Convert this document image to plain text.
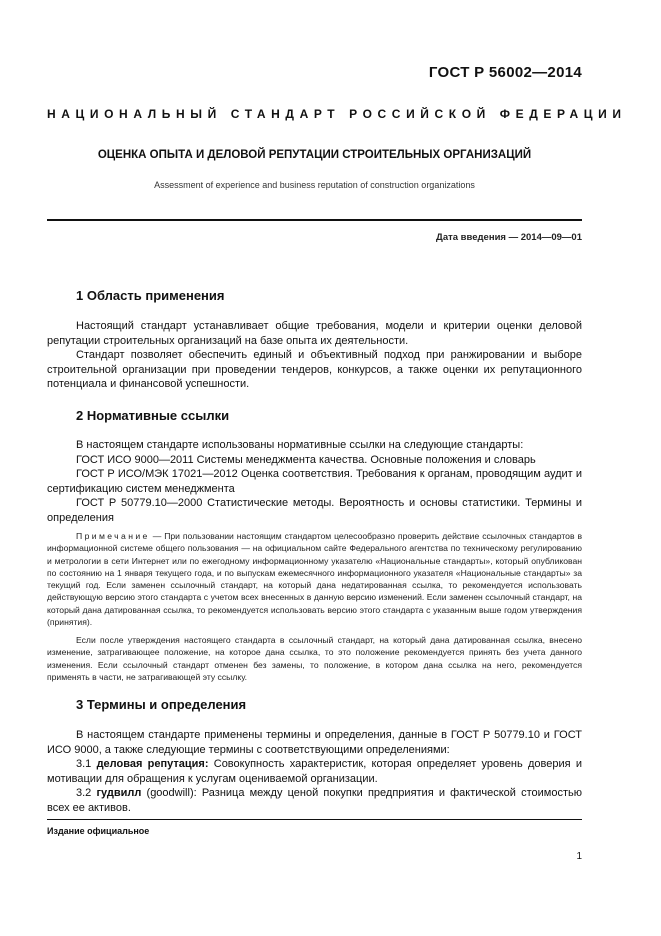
ГОСТ Р 56002—2014
НАЦИОНАЛЬНЫЙ СТАНДАРТ РОССИЙСКОЙ ФЕДЕРАЦИИ
ОЦЕНКА ОПЫТА И ДЕЛОВОЙ РЕПУТАЦИИ СТРОИТЕЛЬНЫХ ОРГАНИЗАЦИЙ
Assessment of experience and business reputation of construction organizations
Дата введения — 2014—09—01
1 Область применения
Настоящий стандарт устанавливает общие требования, модели и критерии оценки деловой репутации строительных организаций на базе опыта их деятельности.
Стандарт позволяет обеспечить единый и объективный подход при ранжировании и выборе строительной организации при проведении тендеров, конкурсов, а также оценки их репутационного потенциала и финансовой успешности.
2 Нормативные ссылки
В настоящем стандарте использованы нормативные ссылки на следующие стандарты:
ГОСТ ИСО 9000—2011 Системы менеджмента качества. Основные положения и словарь
ГОСТ Р ИСО/МЭК 17021—2012 Оценка соответствия. Требования к органам, проводящим аудит и сертификацию систем менеджмента
ГОСТ Р 50779.10—2000 Статистические методы. Вероятность и основы статистики. Термины и определения
Примечание — При пользовании настоящим стандартом целесообразно проверить действие ссылочных стандартов в информационной системе общего пользования — на официальном сайте Федерального агентства по техническому регулированию и метрологии в сети Интернет или по ежегодному информационному указателю «Национальные стандарты», который опубликован по состоянию на 1 января текущего года, и по выпускам ежемесячного информационного указателя «Национальные стандарты» за текущий год. Если заменен ссылочный стандарт, на который дана недатированная ссылка, то рекомендуется использовать действующую версию этого стандарта с учетом всех внесенных в данную версию изменений. Если заменен ссылочный стандарт, на который дана датированная ссылка, то рекомендуется использовать версию этого стандарта с указанным выше годом утверждения (принятия).
Если после утверждения настоящего стандарта в ссылочный стандарт, на который дана датированная ссылка, внесено изменение, затрагивающее положение, на которое дана ссылка, то это положение рекомендуется принять без учета данного изменения. Если ссылочный стандарт отменен без замены, то положение, в котором дана ссылка на него, рекомендуется применять в части, не затрагивающей эту ссылку.
3 Термины и определения
В настоящем стандарте применены термины и определения, данные в ГОСТ Р 50779.10 и ГОСТ ИСО 9000, а также следующие термины с соответствующими определениями:
3.1 деловая репутация: Совокупность характеристик, которая определяет уровень доверия и мотивации для обращения к услугам оцениваемой организации.
3.2 гудвилл (goodwill): Разница между ценой покупки предприятия и фактической стоимостью всех ее активов.
Издание официальное
1
